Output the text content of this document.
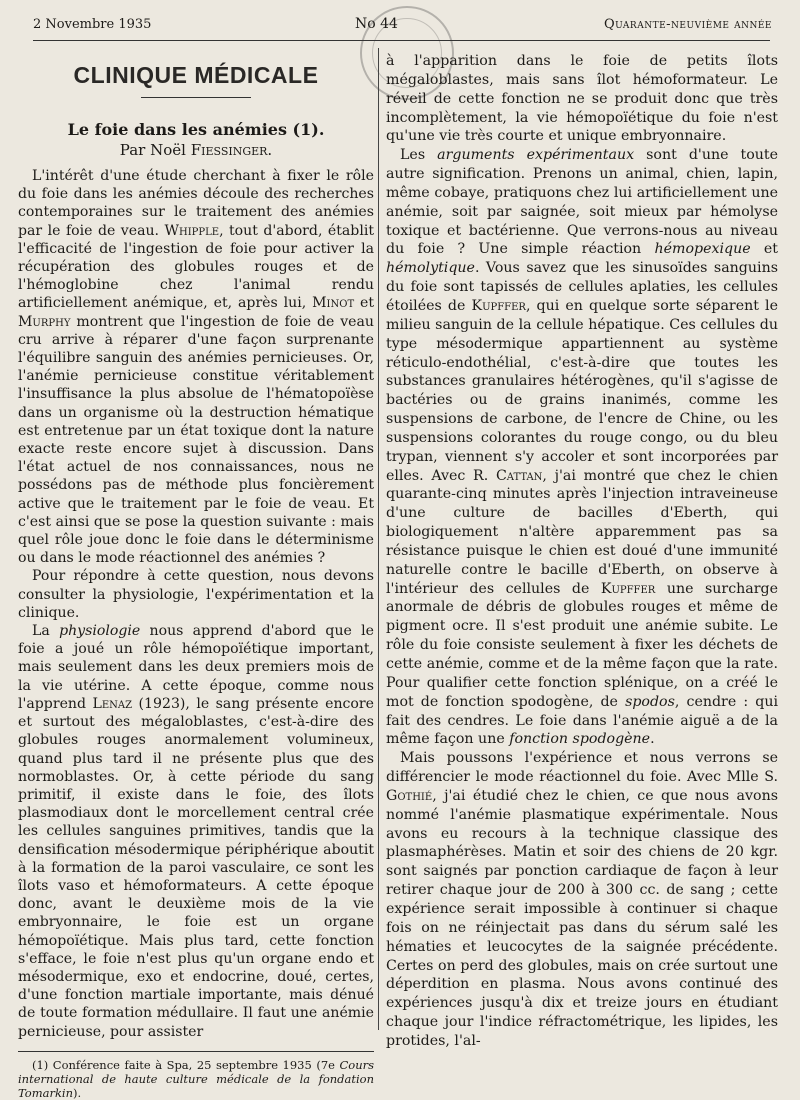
2 Novembre 1935	No 44	Quarante-neuvième année
CLINIQUE MÉDICALE
Le foie dans les anémies (1).
Par Noël Fiessinger.

L'intérêt d'une étude cherchant à fixer le rôle du foie dans les anémies découle des recherches contemporaines sur le traitement des anémies par le foie de veau. Whipple, tout d'abord, établit l'efficacité de l'ingestion de foie pour activer la récupération des globules rouges et de l'hémoglobine chez l'animal rendu artificiellement anémique, et, après lui, Minot et Murphy montrent que l'ingestion de foie de veau cru arrive à réparer d'une façon surprenante l'équilibre sanguin des anémies pernicieuses. Or, l'anémie pernicieuse constitue véritablement l'insuffisance la plus absolue de l'hématopoïèse dans un organisme où la destruction hématique est entretenue par un état toxique dont la nature exacte reste encore sujet à discussion. Dans l'état actuel de nos connaissances, nous ne possédons pas de méthode plus foncièrement active que le traitement par le foie de veau. Et c'est ainsi que se pose la question suivante : mais quel rôle joue donc le foie dans le déterminisme ou dans le mode réactionnel des anémies ?

Pour répondre à cette question, nous devons consulter la physiologie, l'expérimentation et la clinique.

La physiologie nous apprend d'abord que le foie a joué un rôle hémopoïétique important, mais seulement dans les deux premiers mois de la vie utérine. A cette époque, comme nous l'apprend Lenaz (1923), le sang présente encore et surtout des mégaloblastes, c'est-à-dire des globules rouges anormalement volumineux, quand plus tard il ne présente plus que des normoblastes. Or, à cette période du sang primitif, il existe dans le foie, des îlots plasmodiaux dont le morcellement central crée les cellules sanguines primitives, tandis que la densification mésodermique périphérique aboutit à la formation de la paroi vasculaire, ce sont les îlots vaso et hémoformateurs. A cette époque donc, avant le deuxième mois de la vie embryonnaire, le foie est un organe hémopoïétique. Mais plus tard, cette fonction s'efface, le foie n'est plus qu'un organe endo et mésodermique, exo et endocrine, doué, certes, d'une fonction martiale importante, mais dénué de toute formation médullaire. Il faut une anémie pernicieuse, pour assister

(1) Conférence faite à Spa, 25 septembre 1935 (7e Cours international de haute culture médicale de la fondation Tomarkin).

à l'apparition dans le foie de petits îlots mégaloblastes, mais sans îlot hémoformateur. Le réveil de cette fonction ne se produit donc que très incomplètement, la vie hémopoïétique du foie n'est qu'une vie très courte et unique embryonnaire.

Les arguments expérimentaux sont d'une toute autre signification. Prenons un animal, chien, lapin, même cobaye, pratiquons chez lui artificiellement une anémie, soit par saignée, soit mieux par hémolyse toxique et bactérienne. Que verrons-nous au niveau du foie ? Une simple réaction hémopexique et hémolytique. Vous savez que les sinusoïdes sanguins du foie sont tapissés de cellules aplaties, les cellules étoilées de Kupffer, qui en quelque sorte séparent le milieu sanguin de la cellule hépatique. Ces cellules du type mésodermique appartiennent au système réticulo-endothélial, c'est-à-dire que toutes les substances granulaires hétérogènes, qu'il s'agisse de bactéries ou de grains inanimés, comme les suspensions de carbone, de l'encre de Chine, ou les suspensions colorantes du rouge congo, ou du bleu trypan, viennent s'y accoler et sont incorporées par elles. Avec R. Cattan, j'ai montré que chez le chien quarante-cinq minutes après l'injection intraveineuse d'une culture de bacilles d'Eberth, qui biologiquement n'altère apparemment pas sa résistance puisque le chien est doué d'une immunité naturelle contre le bacille d'Eberth, on observe à l'intérieur des cellules de Kupffer une surcharge anormale de débris de globules rouges et même de pigment ocre. Il s'est produit une anémie subite. Le rôle du foie consiste seulement à fixer les déchets de cette anémie, comme et de la même façon que la rate. Pour qualifier cette fonction splénique, on a créé le mot de fonction spodogène, de spodos, cendre : qui fait des cendres. Le foie dans l'anémie aiguë a de la même façon une fonction spodogène.

Mais poussons l'expérience et nous verrons se différencier le mode réactionnel du foie. Avec Mlle S. Gothié, j'ai étudié chez le chien, ce que nous avons nommé l'anémie plasmatique expérimentale. Nous avons eu recours à la technique classique des plasmaphérèses. Matin et soir des chiens de 20 kgr. sont saignés par ponction cardiaque de façon à leur retirer chaque jour de 200 à 300 cc. de sang ; cette expérience serait impossible à continuer si chaque fois on ne réinjectait pas dans du sérum salé les hématies et leucocytes de la saignée précédente. Certes on perd des globules, mais on crée surtout une déperdition en plasma. Nous avons continué des expériences jusqu'à dix et treize jours en étudiant chaque jour l'indice réfractométrique, les lipides, les protides, l'al-
